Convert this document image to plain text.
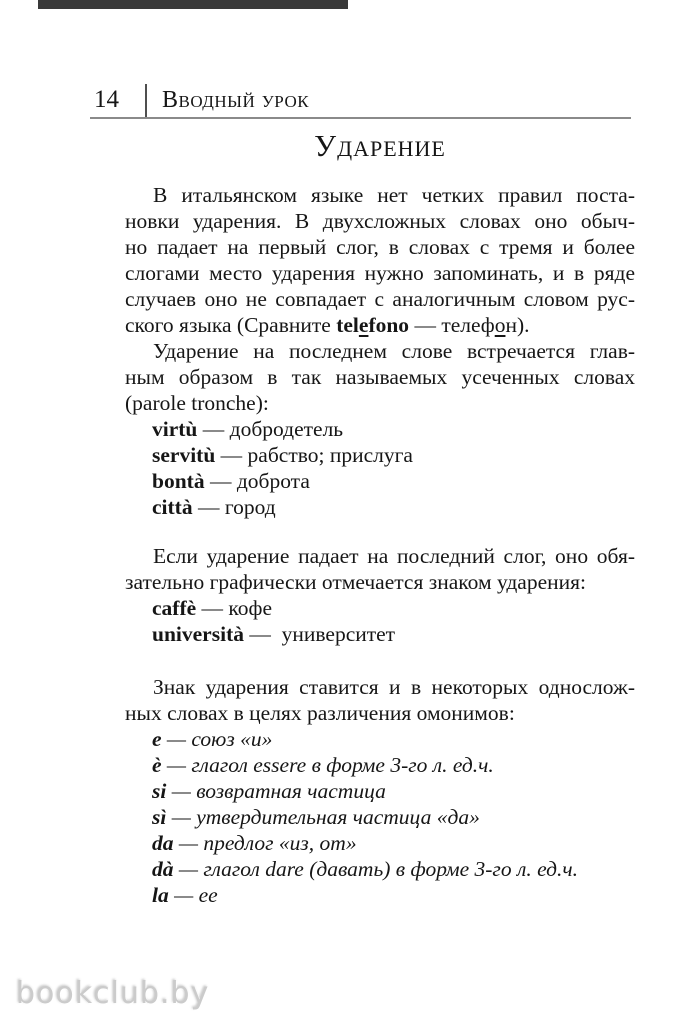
14	Вводный урок
Ударение
В итальянском языке нет четких правил поста-
новки ударения. В двухсложных словах оно обыч-
но падает на первый слог, в словах с тремя и более
слогами место ударения нужно запоминать, и в ряде
случаев оно не совпадает с аналогичным словом рус-
ского языка (Сравните telefono — телефон).
Ударение на последнем слове встречается глав-
ным образом в так называемых усеченных словах
(parole tronche):
virtù — добродетель
servitù — рабство; прислуга
bontà — доброта
città — город
Если ударение падает на последний слог, оно обя-
зательно графически отмечается знаком ударения:
caffè — кофе
università —  университет
Знак ударения ставится и в некоторых однослож-
ных словах в целях различения омонимов:
e — союз «и»
è — глагол essere в форме 3-го л. ед.ч.
si — возвратная частица
sì — утвердительная частица «да»
da — предлог «из, от»
dà — глагол dare (давать) в форме 3-го л. ед.ч.
la — ее
bookclub.by
